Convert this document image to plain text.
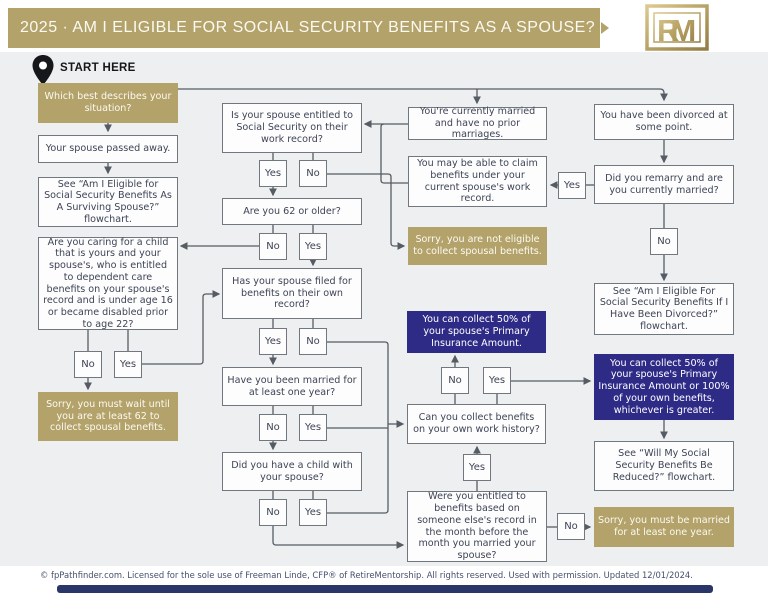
2025 · AM I ELIGIBLE FOR SOCIAL SECURITY BENEFITS AS A SPOUSE? RM
START HERE
Which best describes your situation?
Your spouse passed away.
See “Am I Eligible for Social Security Benefits As A Surviving Spouse?” flowchart.
Are you caring for a child that is yours and your spouse's, who is entitled to dependent care benefits on your spouse's record and is under age 16 or became disabled prior to age 22?
No	Yes
Sorry, you must wait until you are at least 62 to collect spousal benefits.
Is your spouse entitled to Social Security on their work record?
Yes	No
Are you 62 or older?
No	Yes
Has your spouse filed for benefits on their own record?
Yes	No
Have you been married for at least one year?
No	Yes
Did you have a child with your spouse?
No	Yes
You're currently married and have no prior marriages.
You may be able to claim benefits under your current spouse's work record.
Sorry, you are not eligible to collect spousal benefits.
You can collect 50% of your spouse's Primary Insurance Amount.
No	Yes
Can you collect benefits on your own work history?
Yes
Were you entitled to benefits based on someone else's record in the month before the month you married your spouse?
No
You have been divorced at some point.
Yes
Did you remarry and are you currently married?
No
See “Am I Eligible For Social Security Benefits If I Have Been Divorced?” flowchart.
You can collect 50% of your spouse's Primary Insurance Amount or 100% of your own benefits, whichever is greater.
See “Will My Social Security Benefits Be Reduced?” flowchart.
Sorry, you must be married for at least one year.
© fpPathfinder.com. Licensed for the sole use of Freeman Linde, CFP® of RetireMentorship. All rights reserved. Used with permission. Updated 12/01/2024.
